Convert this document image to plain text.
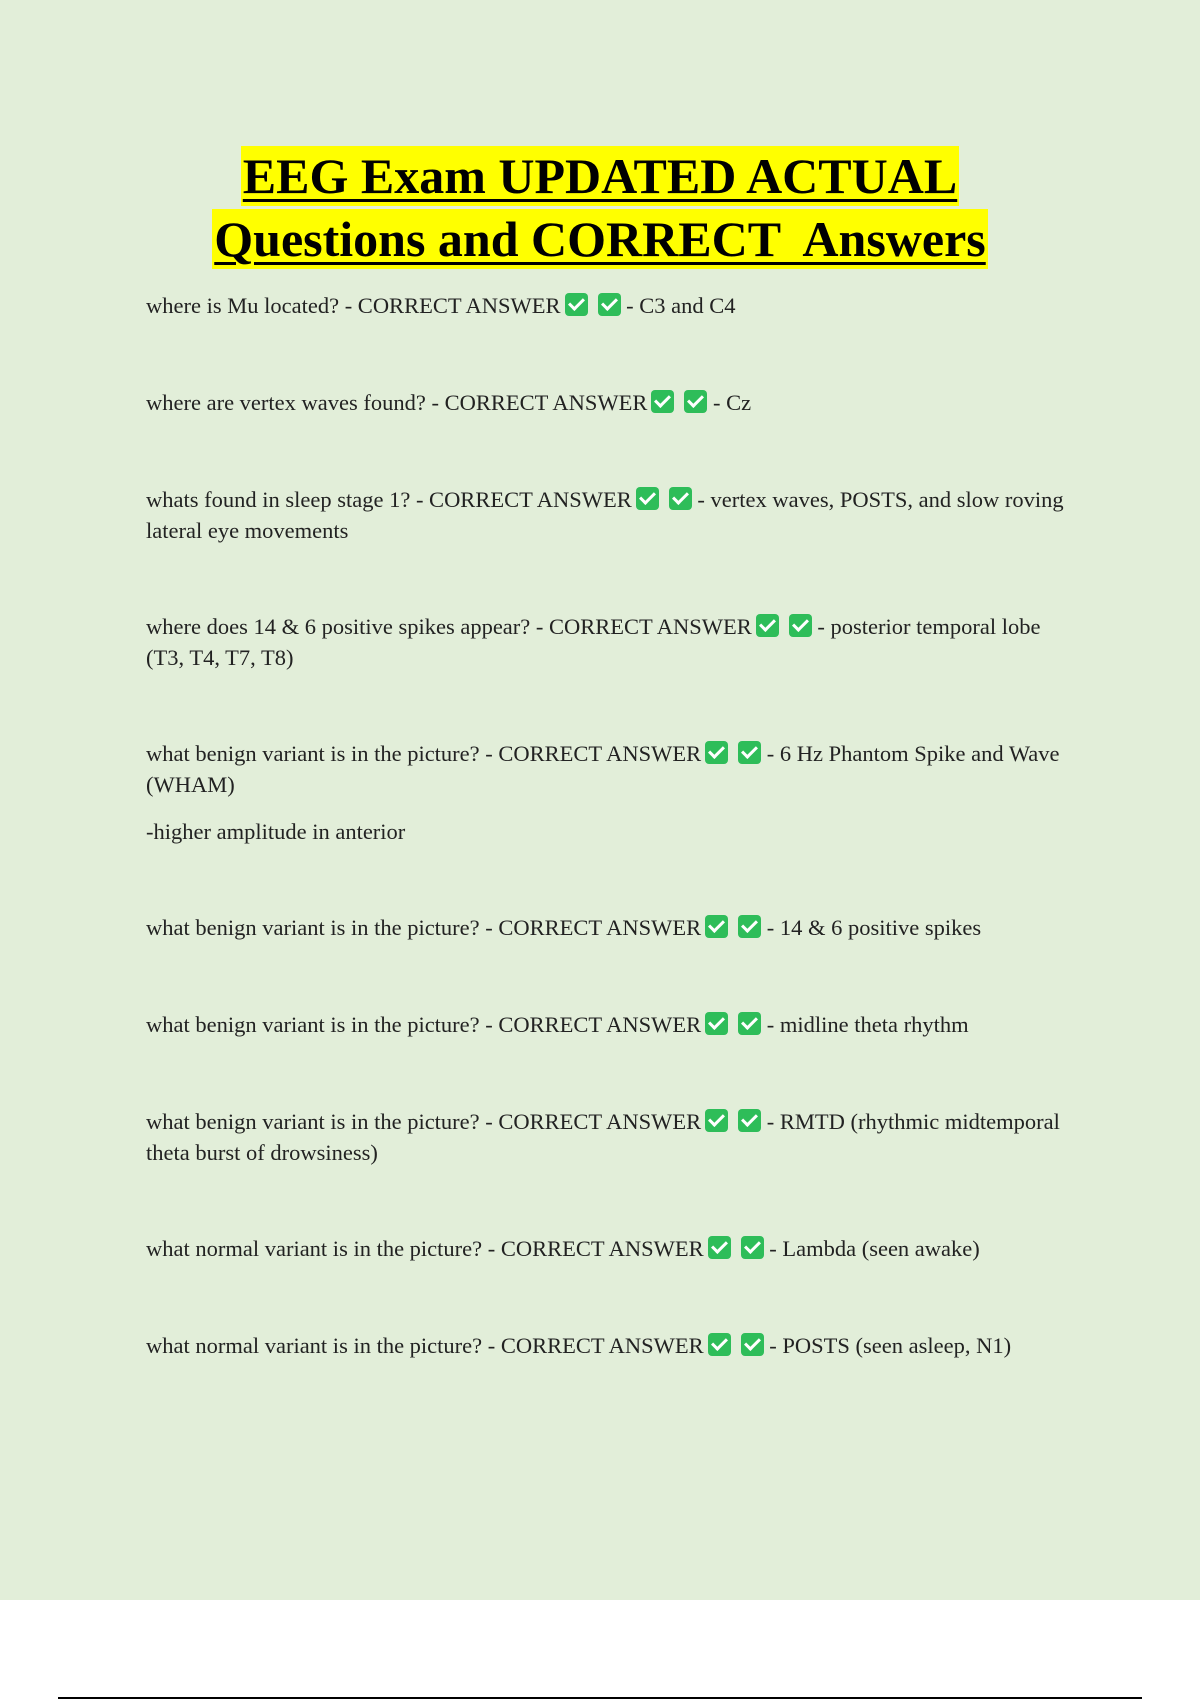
EEG Exam UPDATED ACTUAL
Questions and CORRECT  Answers
where is Mu located? - CORRECT ANSWER	- C3 and C4
where are vertex waves found? - CORRECT ANSWER	- Cz
whats found in sleep stage 1? - CORRECT ANSWER	- vertex waves, POSTS, and slow roving lateral eye movements
where does 14 & 6 positive spikes appear? - CORRECT ANSWER	- posterior temporal lobe (T3, T4, T7, T8)
what benign variant is in the picture? - CORRECT ANSWER	- 6 Hz Phantom Spike and Wave (WHAM)
-higher amplitude in anterior
what benign variant is in the picture? - CORRECT ANSWER	- 14 & 6 positive spikes
what benign variant is in the picture? - CORRECT ANSWER	- midline theta rhythm
what benign variant is in the picture? - CORRECT ANSWER	- RMTD (rhythmic midtemporal theta burst of drowsiness)
what normal variant is in the picture? - CORRECT ANSWER	- Lambda (seen awake)
what normal variant is in the picture? - CORRECT ANSWER	- POSTS (seen asleep, N1)
